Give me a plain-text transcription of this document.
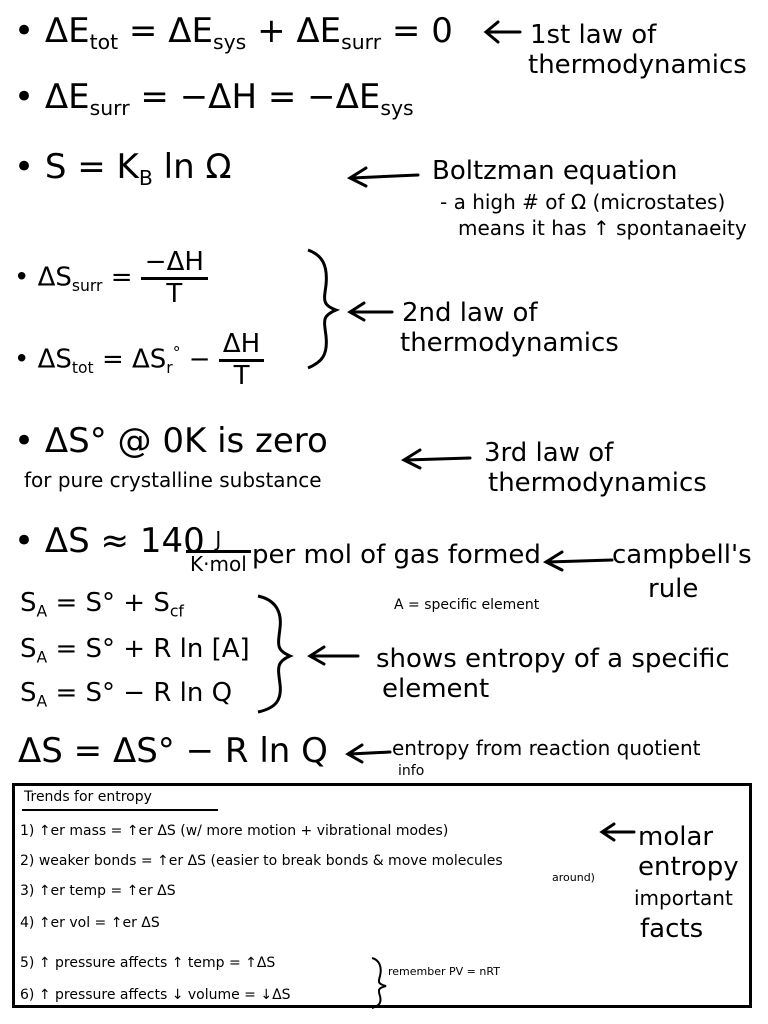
• $\Delta E_{tot} = \Delta E_{sys} + \Delta E_{surr} = 0$	1st law of
thermodynamics
• $\Delta E_{surr} = -\Delta H = -\Delta E_{sys}$
• $S = K_B$ ln Ω	Boltzman equation
- a high # of Ω (microstates)
means it has ↑ spontanaeity
• $\Delta S_{surr} = \frac{-\Delta H}{T}$
• $\Delta S_{tot} = \Delta S_r^\circ - \frac{\Delta H}{T}$
2nd law of
thermodynamics
• ΔS° @ 0K is zero
for pure crystalline substance
3rd law of
thermodynamics
• ΔS ≈ 140
$\frac{J}{\text{K·mol}}$ per mol of gas formed	campbell's
rule
$S_A = S^\circ + S_{cf}$
$S_A = S^\circ + R$ ln [A]
$S_A = S^\circ - R$ ln Q
A = specific element
shows entropy of a specific
element
ΔS = ΔS° − R ln Q	entropy from reaction quotient
info
Trends for entropy
1) ↑er mass = ↑er ΔS (w/ more motion + vibrational modes)
2) weaker bonds = ↑er ΔS (easier to break bonds & move molecules
around)
3) ↑er temp = ↑er ΔS
4) ↑er vol = ↑er ΔS
5) ↑ pressure affects ↑ temp = ↑ΔS
6) ↑ pressure affects ↓ volume = ↓ΔS
remember PV = nRT
molar
entropy
important
facts
